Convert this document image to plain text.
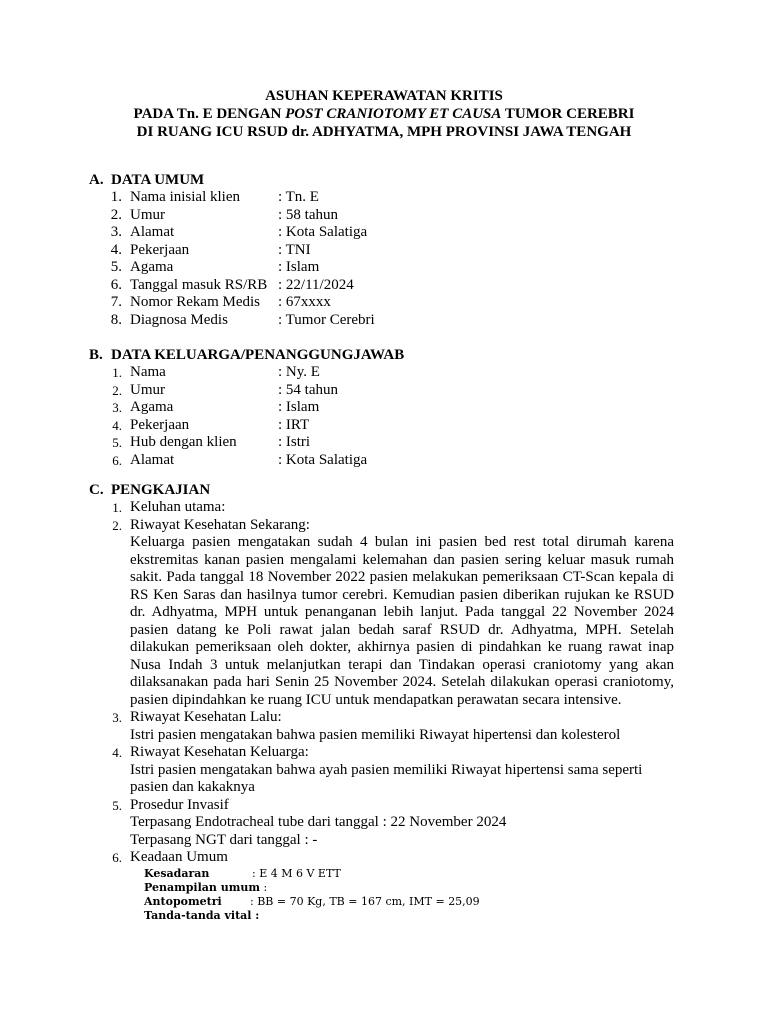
ASUHAN KEPERAWATAN KRITIS
PADA Tn. E DENGAN POST CRANIOTOMY ET CAUSA TUMOR CEREBRI
DI RUANG ICU RSUD dr. ADHYATMA, MPH PROVINSI JAWA TENGAH
A. DATA UMUM
1. Nama inisial klien	: Tn. E
2. Umur	: 58 tahun
3. Alamat	: Kota Salatiga
4. Pekerjaan	: TNI
5. Agama	: Islam
6. Tanggal masuk RS/RB : 22/11/2024
7. Nomor Rekam Medis : 67xxxx
8. Diagnosa Medis	: Tumor Cerebri
B. DATA KELUARGA/PENANGGUNGJAWAB
1. Nama	: Ny. E
2. Umur	: 54 tahun
3. Agama	: Islam
4. Pekerjaan	: IRT
5. Hub dengan klien	: Istri
6. Alamat	: Kota Salatiga
C. PENGKAJIAN
1. Keluhan utama:
2. Riwayat Kesehatan Sekarang:
Keluarga pasien mengatakan sudah 4 bulan ini pasien bed rest total dirumah karena ekstremitas kanan pasien mengalami kelemahan dan pasien sering keluar masuk rumah sakit. Pada tanggal 18 November 2022 pasien melakukan pemeriksaan CT-Scan kepala di RS Ken Saras dan hasilnya tumor cerebri. Kemudian pasien diberikan rujukan ke RSUD dr. Adhyatma, MPH untuk penanganan lebih lanjut. Pada tanggal 22 November 2024 pasien datang ke Poli rawat jalan bedah saraf RSUD dr. Adhyatma, MPH. Setelah dilakukan pemeriksaan oleh dokter, akhirnya pasien di pindahkan ke ruang rawat inap Nusa Indah 3 untuk melanjutkan terapi dan Tindakan operasi craniotomy yang akan dilaksanakan pada hari Senin 25 November 2024. Setelah dilakukan operasi craniotomy, pasien dipindahkan ke ruang ICU untuk mendapatkan perawatan secara intensive.
3. Riwayat Kesehatan Lalu:
Istri pasien mengatakan bahwa pasien memiliki Riwayat hipertensi dan kolesterol
4. Riwayat Kesehatan Keluarga:
Istri pasien mengatakan bahwa ayah pasien memiliki Riwayat hipertensi sama seperti pasien dan kakaknya
5. Prosedur Invasif
Terpasang Endotracheal tube dari tanggal : 22 November 2024
Terpasang NGT dari tanggal : -
6. Keadaan Umum
Kesadaran	: E 4 M 6 V ETT
Penampilan umum :
Antopometri	: BB = 70 Kg, TB = 167 cm, IMT = 25,09
Tanda-tanda vital :
